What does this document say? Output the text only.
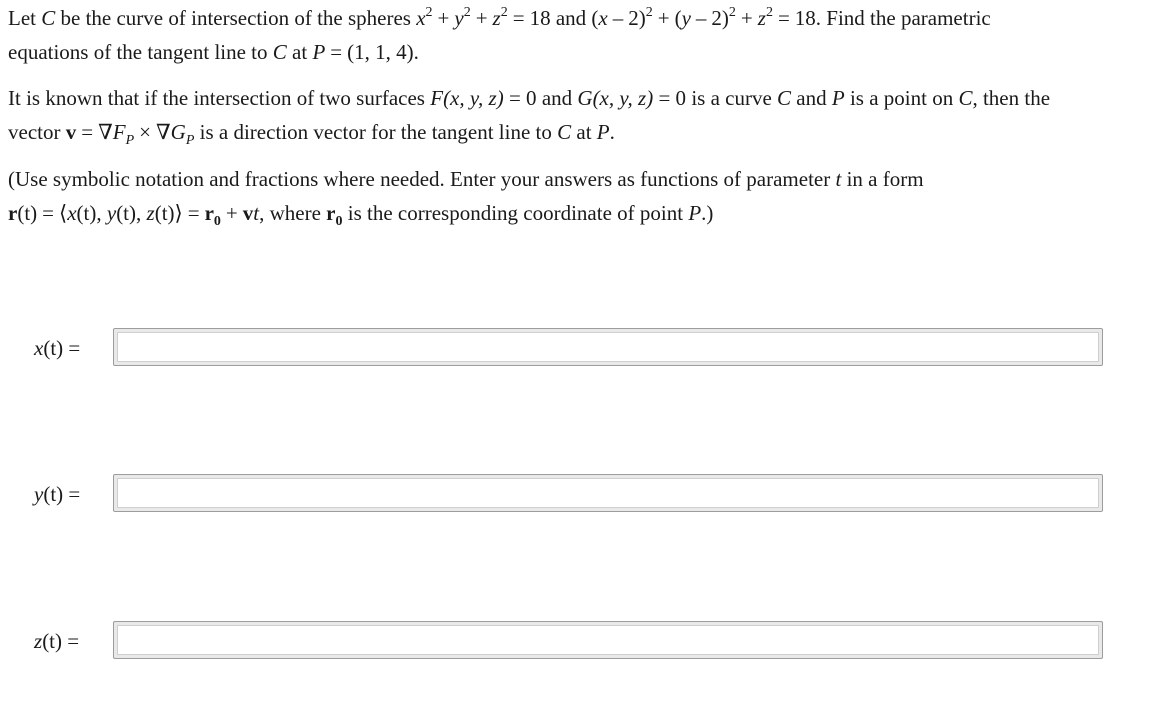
Let C be the curve of intersection of the spheres $x^2 + y^2 + z^2 = 18$ and $(x - 2)^2 + (y - 2)^2 + z^2 = 18$. Find the parametric
equations of the tangent line to C at P = (1, 1, 4).
It is known that if the intersection of two surfaces F(x, y, z) = 0 and G(x, y, z) = 0 is a curve C and P is a point on C, then the
vector $v = \nabla F_P \times \nabla G_P$ is a direction vector for the tangent line to C at P.
(Use symbolic notation and fractions where needed. Enter your answers as functions of parameter t in a form
r(t) = ⟨x(t), y(t), z(t)⟩ = $r_0$ + vt, where $r_0$ is the corresponding coordinate of point P.)
x(t) =
y(t) =
z(t) =
